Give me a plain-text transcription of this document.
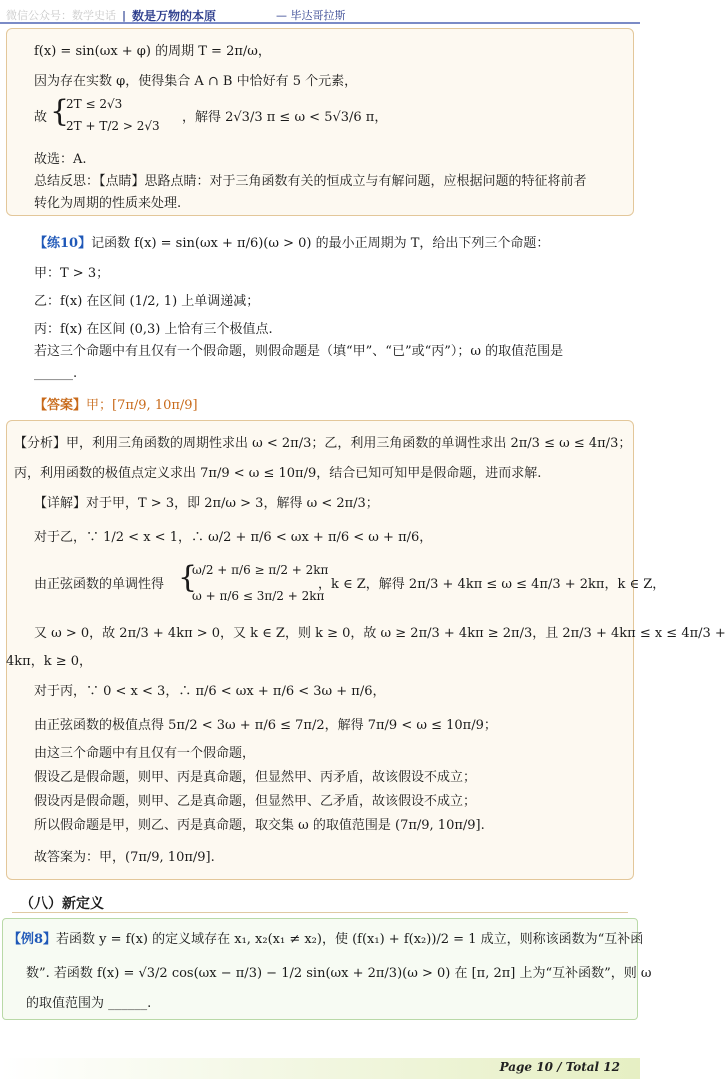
微信公众号：数学史话 | 数是万物的本原	— 毕达哥拉斯
f(x) = sin(ωx + φ) 的周期 T = 2π/ω，
因为存在实数 φ，使得集合 A ∩ B 中恰好有 5 个元素，
故 {
2T ≤ 2√3
2T + T/2 > 2√3
，解得 2√3/3 π ≤ ω < 5√3/6 π，
故选：A.
总结反思：【点睛】思路点睛：对于三角函数有关的恒成立与有解问题，应根据问题的特征将前者
转化为周期的性质来处理.
【练10】记函数 f(x) = sin(ωx + π/6)(ω > 0) 的最小正周期为 T，给出下列三个命题：
甲：T > 3；
乙：f(x) 在区间 (1/2, 1) 上单调递减；
丙：f(x) 在区间 (0,3) 上恰有三个极值点.
若这三个命题中有且仅有一个假命题，则假命题是（填“甲”、“已”或“丙”）；ω 的取值范围是
______.
【答案】甲；[7π/9, 10π/9]
【分析】甲，利用三角函数的周期性求出 ω < 2π/3；乙，利用三角函数的单调性求出 2π/3 ≤ ω ≤ 4π/3；
丙，利用函数的极值点定义求出 7π/9 < ω ≤ 10π/9，结合已知可知甲是假命题，进而求解.
【详解】对于甲，T > 3，即 2π/ω > 3，解得 ω < 2π/3；
对于乙，∵ 1/2 < x < 1，∴ ω/2 + π/6 < ωx + π/6 < ω + π/6，
由正弦函数的单调性得 {
ω/2 + π/6 ≥ π/2 + 2kπ
ω + π/6 ≤ 3π/2 + 2kπ
，k ∈ Z，解得 2π/3 + 4kπ ≤ ω ≤ 4π/3 + 2kπ，k ∈ Z，
又 ω > 0，故 2π/3 + 4kπ > 0，又 k ∈ Z，则 k ≥ 0，故 ω ≥ 2π/3 + 4kπ ≥ 2π/3，且 2π/3 + 4kπ ≤ x ≤ 4π/3 +
4kπ，k ≥ 0，
对于丙，∵ 0 < x < 3，∴ π/6 < ωx + π/6 < 3ω + π/6，
由正弦函数的极值点得 5π/2 < 3ω + π/6 ≤ 7π/2，解得 7π/9 < ω ≤ 10π/9；
由这三个命题中有且仅有一个假命题，
假设乙是假命题，则甲、丙是真命题，但显然甲、丙矛盾，故该假设不成立；
假设丙是假命题，则甲、乙是真命题，但显然甲、乙矛盾，故该假设不成立；
所以假命题是甲，则乙、丙是真命题，取交集 ω 的取值范围是 (7π/9, 10π/9].
故答案为：甲，(7π/9, 10π/9].
（八）新定义
【例8】若函数 y = f(x) 的定义域存在 x₁, x₂(x₁ ≠ x₂)，使 (f(x₁) + f(x₂))/2 = 1 成立，则称该函数为“互补函
数”. 若函数 f(x) = √3/2 cos(ωx − π/3) − 1/2 sin(ωx + 2π/3)(ω > 0) 在 [π, 2π] 上为“互补函数”，则 ω
的取值范围为 ______.
Page 10 / Total 12
